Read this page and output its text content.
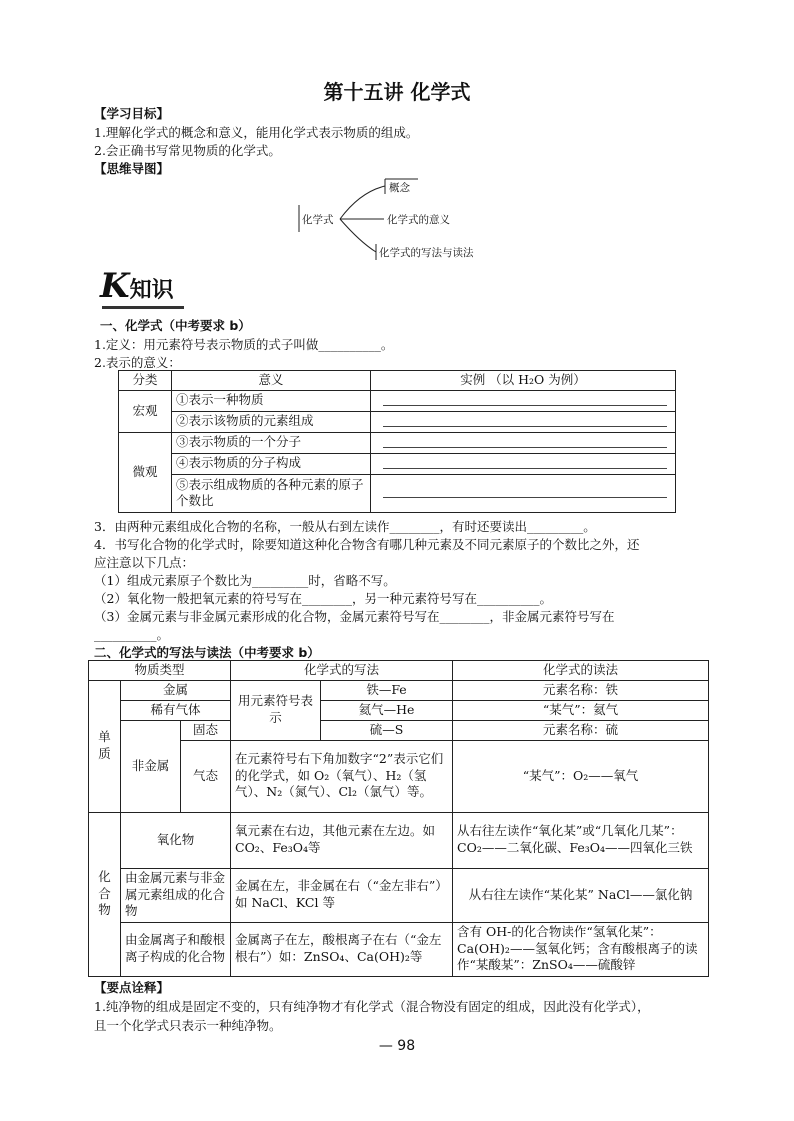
第十五讲 化学式
【学习目标】
1.理解化学式的概念和意义，能用化学式表示物质的组成。
2.会正确书写常见物质的化学式。
【思维导图】
化学式
概念
化学式的意义
化学式的写法与读法
K知识
一、化学式（中考要求 b）
1.定义：用元素符号表示物质的式子叫做__________。
2.表示的意义：
分类	意义	实例 （以 H₂O 为例）
宏观	①表示一种物质	

	②表示该物质的元素组成	

微观	③表示物质的一个分子	

	④表示物质的分子构成	

	⑤表示组成物质的各种元素的原子个数比	
3．由两种元素组成化合物的名称，一般从右到左读作________，有时还要读出_________。
4．书写化合物的化学式时，除要知道这种化合物含有哪几种元素及不同元素原子的个数比之外，还
应注意以下几点：
（1）组成元素原子个数比为_________时，省略不写。
（2）氧化物一般把氧元素的符号写在________，另一种元素符号写在__________。
（3）金属元素与非金属元素形成的化合物，金属元素符号写在________，非金属元素符号写在
__________。
二、化学式的写法与读法（中考要求 b）
物质类型			化学式的写法		化学式的读法
单质	金属		用元素符号表示	铁—Fe	元素名称：铁
	稀有气体			氦气—He	“某气”：氦气
	非金属	固态		硫—S	元素名称：硫
		气态	在元素符号右下角加数字“2”表示它们的化学式，如 O₂（氧气）、H₂（氢气）、N₂（氮气）、Cl₂（氯气）等。		“某气”：O₂——氧气
化合物	氧化物		氧元素在右边，其他元素在左边。如 CO₂、Fe₃O₄等		从右往左读作“氧化某”或“几氧化几某”：CO₂——二氧化碳、Fe₃O₄——四氧化三铁
	由金属元素与非金属元素组成的化合物		金属在左，非金属在右（“金左非右”）如 NaCl、KCl 等		从右往左读作“某化某” NaCl——氯化钠
	由金属离子和酸根离子构成的化合物		金属离子在左，酸根离子在右（“金左根右”）如：ZnSO₄、Ca(OH)₂等		含有 OH-的化合物读作“氢氧化某”：Ca(OH)₂——氢氧化钙；含有酸根离子的读作“某酸某”：ZnSO₄——硫酸锌
【要点诠释】
1.纯净物的组成是固定不变的，只有纯净物才有化学式（混合物没有固定的组成，因此没有化学式），
且一个化学式只表示一种纯净物。
— 98
